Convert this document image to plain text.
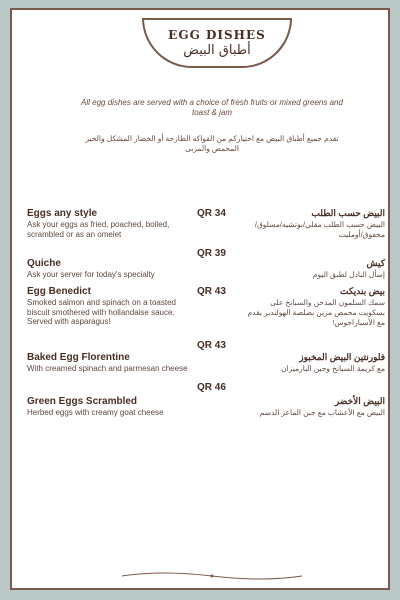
EGG DISHES
أطباق البيض
All egg dishes are served with a choice of fresh fruits or mixed greens and toast & jam
تقدم جميع أطباق البيض مع اختياركم من الفواكه الطازجة أو الخضار المشكل والخبز المحمص والمربى
Eggs any style
Ask your eggs as fried, poached, boiled, scrambled or as an omelet
QR 34	البيض حسب الطلب
البيض حسب الطلب مقلي/بوتشيه/مسلوق/مخفوق/أومليت
QR 39
Quiche
Ask your server for today's specialty
كيش
إسأل النادل لطبق اليوم
Egg Benedict
Smoked salmon and spinach on a toasted biscuit smothered with hollandaise sauce. Served with asparagus!
QR 43	بيض بنديكت
سمك السلمون المدخن والسبانخ على بسكويت محمص مزين بصلصة الهولندير يقدم مع الأسباراجوس!
QR 43
Baked Egg Florentine
With creamed spinach and parmesan cheese
فلورنتين البيض المخبوز
مع كريمة السبانخ وجبن البارميزان
QR 46
Green Eggs Scrambled
Herbed eggs with creamy goat cheese
البيض الأخضر
البيض مع الأعشاب مع جبن الماعز الدسم
